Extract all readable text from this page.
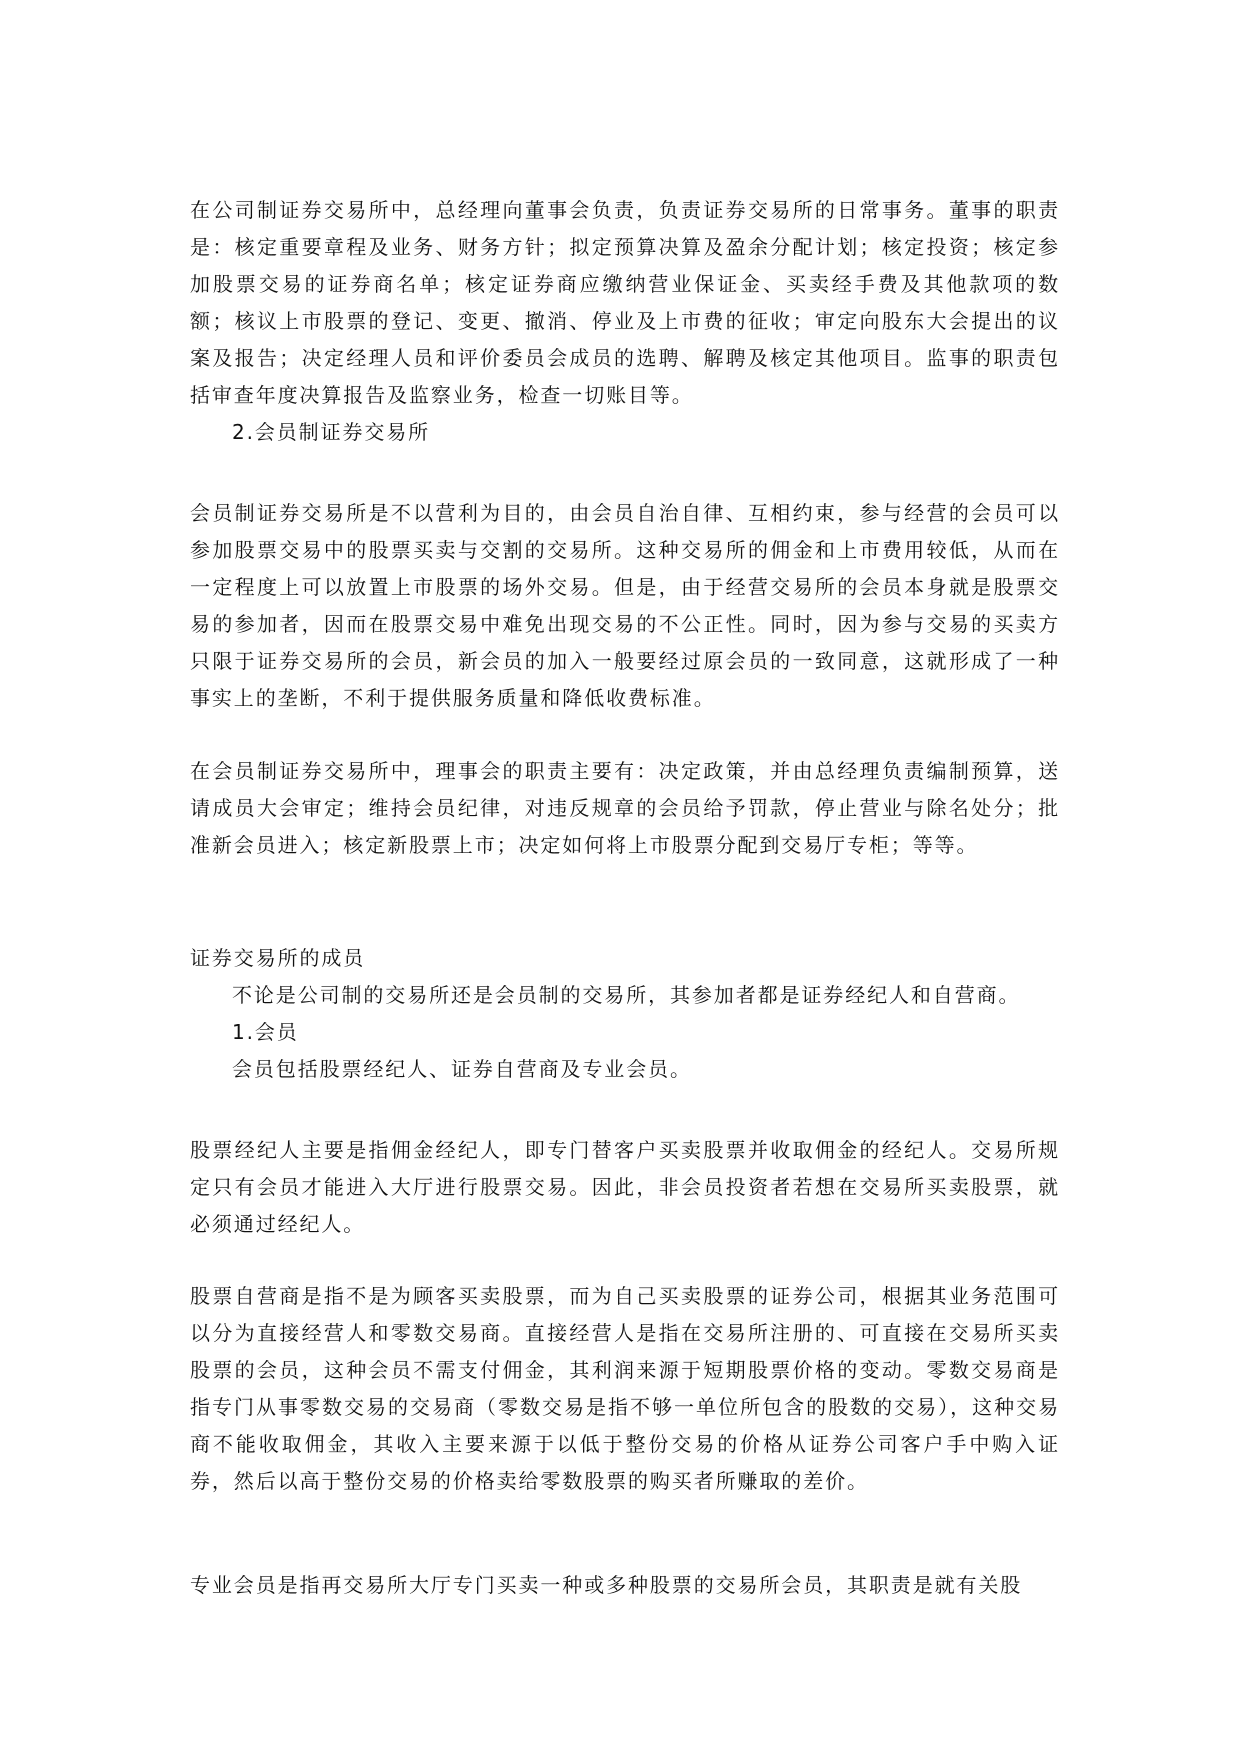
在公司制证券交易所中，总经理向董事会负责，负责证券交易所的日常事务。董事的职责是：核定重要章程及业务、财务方针；拟定预算决算及盈余分配计划；核定投资；核定参加股票交易的证券商名单；核定证券商应缴纳营业保证金、买卖经手费及其他款项的数额；核议上市股票的登记、变更、撤消、停业及上市费的征收；审定向股东大会提出的议案及报告；决定经理人员和评价委员会成员的选聘、解聘及核定其他项目。监事的职责包括审查年度决算报告及监察业务，检查一切账目等。

2.会员制证券交易所

会员制证券交易所是不以营利为目的，由会员自治自律、互相约束，参与经营的会员可以参加股票交易中的股票买卖与交割的交易所。这种交易所的佣金和上市费用较低，从而在一定程度上可以放置上市股票的场外交易。但是，由于经营交易所的会员本身就是股票交易的参加者，因而在股票交易中难免出现交易的不公正性。同时，因为参与交易的买卖方只限于证券交易所的会员，新会员的加入一般要经过原会员的一致同意，这就形成了一种事实上的垄断，不利于提供服务质量和降低收费标准。

在会员制证券交易所中，理事会的职责主要有：决定政策，并由总经理负责编制预算，送请成员大会审定；维持会员纪律，对违反规章的会员给予罚款，停止营业与除名处分；批准新会员进入；核定新股票上市；决定如何将上市股票分配到交易厅专柜；等等。

证券交易所的成员

不论是公司制的交易所还是会员制的交易所，其参加者都是证券经纪人和自营商。

1.会员

会员包括股票经纪人、证券自营商及专业会员。

股票经纪人主要是指佣金经纪人，即专门替客户买卖股票并收取佣金的经纪人。交易所规定只有会员才能进入大厅进行股票交易。因此，非会员投资者若想在交易所买卖股票，就必须通过经纪人。

股票自营商是指不是为顾客买卖股票，而为自己买卖股票的证券公司，根据其业务范围可以分为直接经营人和零数交易商。直接经营人是指在交易所注册的、可直接在交易所买卖股票的会员，这种会员不需支付佣金，其利润来源于短期股票价格的变动。零数交易商是指专门从事零数交易的交易商（零数交易是指不够一单位所包含的股数的交易），这种交易商不能收取佣金，其收入主要来源于以低于整份交易的价格从证券公司客户手中购入证券，然后以高于整份交易的价格卖给零数股票的购买者所赚取的差价。

专业会员是指再交易所大厅专门买卖一种或多种股票的交易所会员，其职责是就有关股
